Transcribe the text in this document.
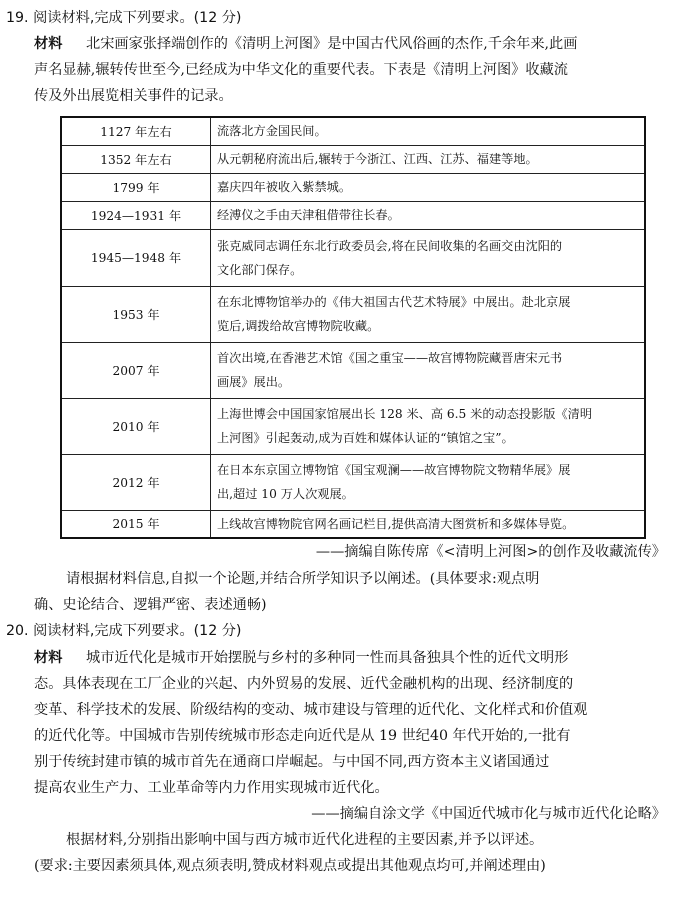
19. 阅读材料,完成下列要求。(12 分)
材料 北宋画家张择端创作的《清明上河图》是中国古代风俗画的杰作,千余年来,此画
声名显赫,辗转传世至今,已经成为中华文化的重要代表。下表是《清明上河图》收藏流
传及外出展览相关事件的记录。
1127 年左右	流落北方金国民间。
1352 年左右	从元朝秘府流出后,辗转于今浙江、江西、江苏、福建等地。
1799 年	嘉庆四年被收入紫禁城。
1924—1931 年	经溥仪之手由天津租借带往长春。
1945—1948 年	张克威同志调任东北行政委员会,将在民间收集的名画交由沈阳的
文化部门保存。
1953 年	在东北博物馆举办的《伟大祖国古代艺术特展》中展出。赴北京展
览后,调拨给故宫博物院收藏。
2007 年	首次出境,在香港艺术馆《国之重宝——故宫博物院藏晋唐宋元书
画展》展出。
2010 年	上海世博会中国国家馆展出长 128 米、高 6.5 米的动态投影版《清明
上河图》引起轰动,成为百姓和媒体认证的“镇馆之宝”。
2012 年	在日本东京国立博物馆《国宝观澜——故宫博物院文物精华展》展
出,超过 10 万人次观展。
2015 年	上线故宫博物院官网名画记栏目,提供高清大图赏析和多媒体导览。
——摘编自陈传席《<清明上河图>的创作及收藏流传》
请根据材料信息,自拟一个论题,并结合所学知识予以阐述。(具体要求:观点明
确、史论结合、逻辑严密、表述通畅)
20. 阅读材料,完成下列要求。(12 分)
材料 城市近代化是城市开始摆脱与乡村的多种同一性而具备独具个性的近代文明形
态。具体表现在工厂企业的兴起、内外贸易的发展、近代金融机构的出现、经济制度的
变革、科学技术的发展、阶级结构的变动、城市建设与管理的近代化、文化样式和价值观
的近代化等。中国城市告别传统城市形态走向近代是从 19 世纪40 年代开始的,一批有
别于传统封建市镇的城市首先在通商口岸崛起。与中国不同,西方资本主义诸国通过
提高农业生产力、工业革命等内力作用实现城市近代化。
——摘编自涂文学《中国近代城市化与城市近代化论略》
根据材料,分别指出影响中国与西方城市近代化进程的主要因素,并予以评述。
(要求:主要因素须具体,观点须表明,赞成材料观点或提出其他观点均可,并阐述理由)
